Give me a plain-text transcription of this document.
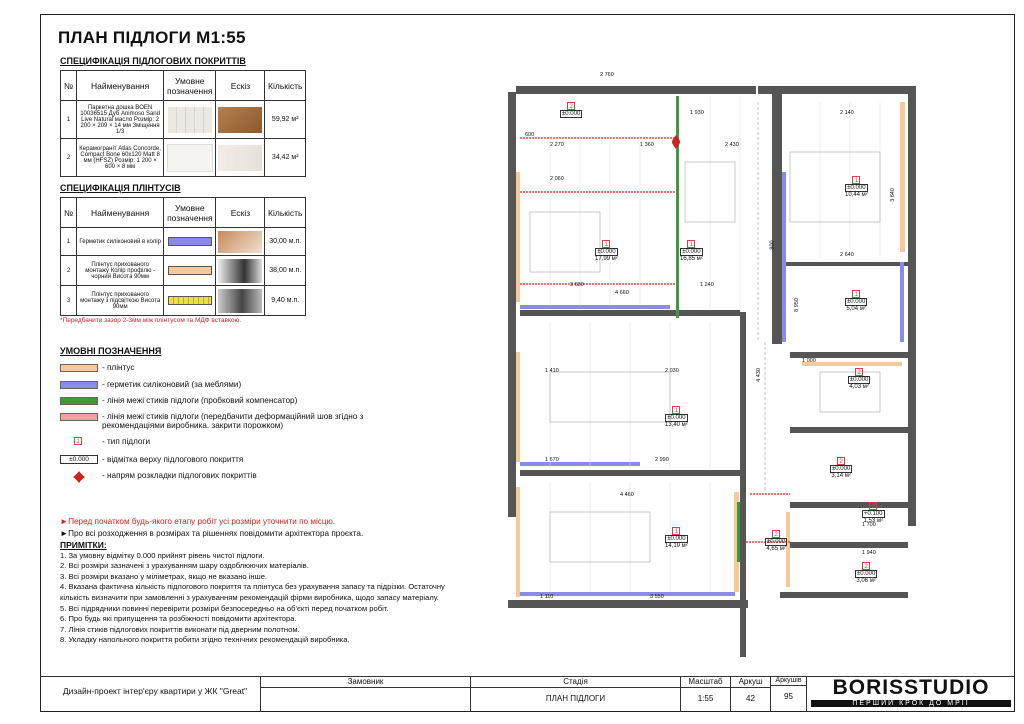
ПЛАН ПІДЛОГИ М1:55
СПЕЦИФІКАЦІЯ ПІДЛОГОВИХ ПОКРИТТІВ
№	Найменування	Умовне позначення	Ескіз	Кількість
1	Паркетна дошка BOEN 10036515 Дуб Animoso Sand Live Natural масло Розмір: 2 200 × 209 × 14 мм Зміщення 1/3			59,92 м²
2	Керамограніт Atlas Concorde, Compact Bone 60х120 Matt 8 мм (HFSZ) Розмір: 1 200 × 600 × 8 мм			34,42 м²
СПЕЦИФІКАЦІЯ ПЛІНТУСІВ
№	Найменування	Умовне позначення	Ескіз	Кількість
1	Герметик силіконовий в колір			30,00 м.п.
2	Плінтус прихованого монтажу Колір профілю - чорний Висота 90мм			38,00 м.п.
3	Плінтус прихованого монтажу з підсвіткою Висота 90мм			9,40 м.п.
*Передбачити зазор 2-3мм між плінтусом та МДФ вставкою.
УМОВНІ ПОЗНАЧЕННЯ
- плінтус
- герметик силіконовий (за меблями)
- лінія межі стиків підлоги (пробковий компенсатор)
- лінія межі стиків підлоги (передбачити деформаційний шов згідно з рекомендаціями виробника. закрити порожком)
1	- тип підлоги
±0.000	- відмітка верху підлогового покриття
- напрям розкладки підлогових покриттів
►Перед початком будь-якого етапу робіт усі розміри уточнити по місцю.
►Про всі розходження в розмірах та рішеннях повідомити архітектора проєкта.
ПРИМІТКИ:
1. За умовну відмітку 0.000 прийнят рівень чистої підлоги.
2. Всі розміри зазначені з урахуванням шару оздоблюючих матеріалів.
3. Всі розміри вказано у міліметрах, якщо не вказано інше.
4. Вказана фактична кількість підлогового покриття та плінтуса без урахування запасу та підрізки. Остаточну кількість визначити при замовленні з урахуванням рекомендацій фірми виробника, щодо запасу матеріалу.
5. Всі підрядники повинні перевірити розміри безпосередньо на об'єкті перед початком робіт.
6. Про будь які припущення та розбіжності повідомити архітектора.
7. Лінія стиків підлогових покриттів виконати під дверним полотном.
8. Укладку напольного покриття робити згідно технічних рекомендацій виробника.
2 760
1 930	2 140
2 270	1 360	2 430
2 060
3 630
4 660
1 240
2 640
1 410	2 030
1 670	2 990
4 460
3 550
1 110
1 000
1 700
1 940
8 950
4 430
3 640
600
800
2
±0.000
1
±0.000
17,99 м²
1
±0.000
16,85 м²
1
±0.000
10,44 м²
1
±0.000
5,04 м²
2
±0.000
4,03 м²
1
±0.000
13,40 м²
2
±0.000
3,14 м²
2
+0.100
1,53 м²
1
±0.000
14,19 м²
2
±0.000
4,65 м²
2
±0.000
3,06 м²
Дизайн-проект інтер'єру квартири у ЖК "Great"
Замовник	Стадія
ПЛАН ПІДЛОГИ
Масштаб
1:55
Аркуш
42
Аркушів
95	BORISSTUDIO
ПЕРШИЙ КРОК ДО МРІЇ
